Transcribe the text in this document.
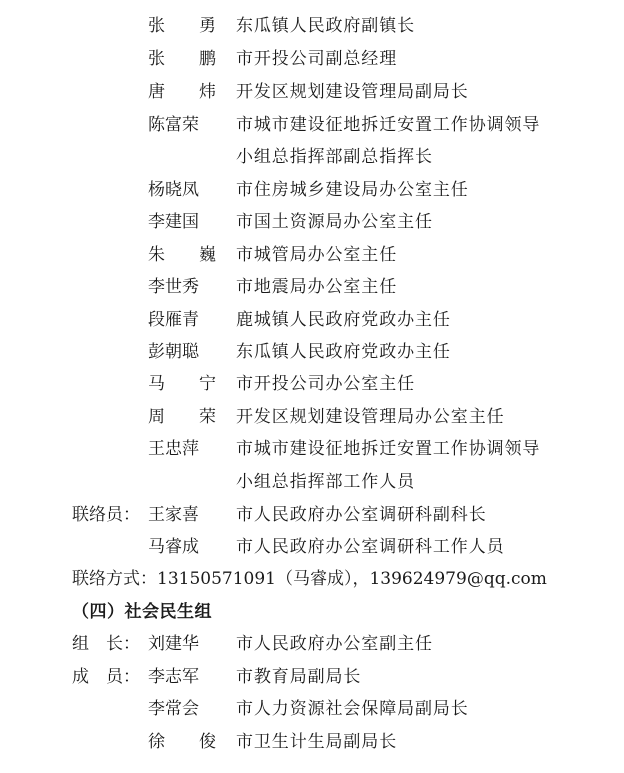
张 勇 东瓜镇人民政府副镇长
张 鹏 市开投公司副总经理
唐 炜 开发区规划建设管理局副局长
陈富荣 市城市建设征地拆迁安置工作协调领导
小组总指挥部副总指挥长
杨晓凤 市住房城乡建设局办公室主任
李建国 市国土资源局办公室主任
朱 巍 市城管局办公室主任
李世秀 市地震局办公室主任
段雁青 鹿城镇人民政府党政办主任
彭朝聪 东瓜镇人民政府党政办主任
马 宁 市开投公司办公室主任
周 荣 开发区规划建设管理局办公室主任
王忠萍 市城市建设征地拆迁安置工作协调领导
小组总指挥部工作人员
联络员： 王家喜 市人民政府办公室调研科副科长
马睿成 市人民政府办公室调研科工作人员
联络方式：13150571091（马睿成），139624979@qq.com
（四）社会民生组
组　长： 刘建华 市人民政府办公室副主任
成　员： 李志军 市教育局副局长
李常会 市人力资源社会保障局副局长
徐 俊 市卫生计生局副局长
